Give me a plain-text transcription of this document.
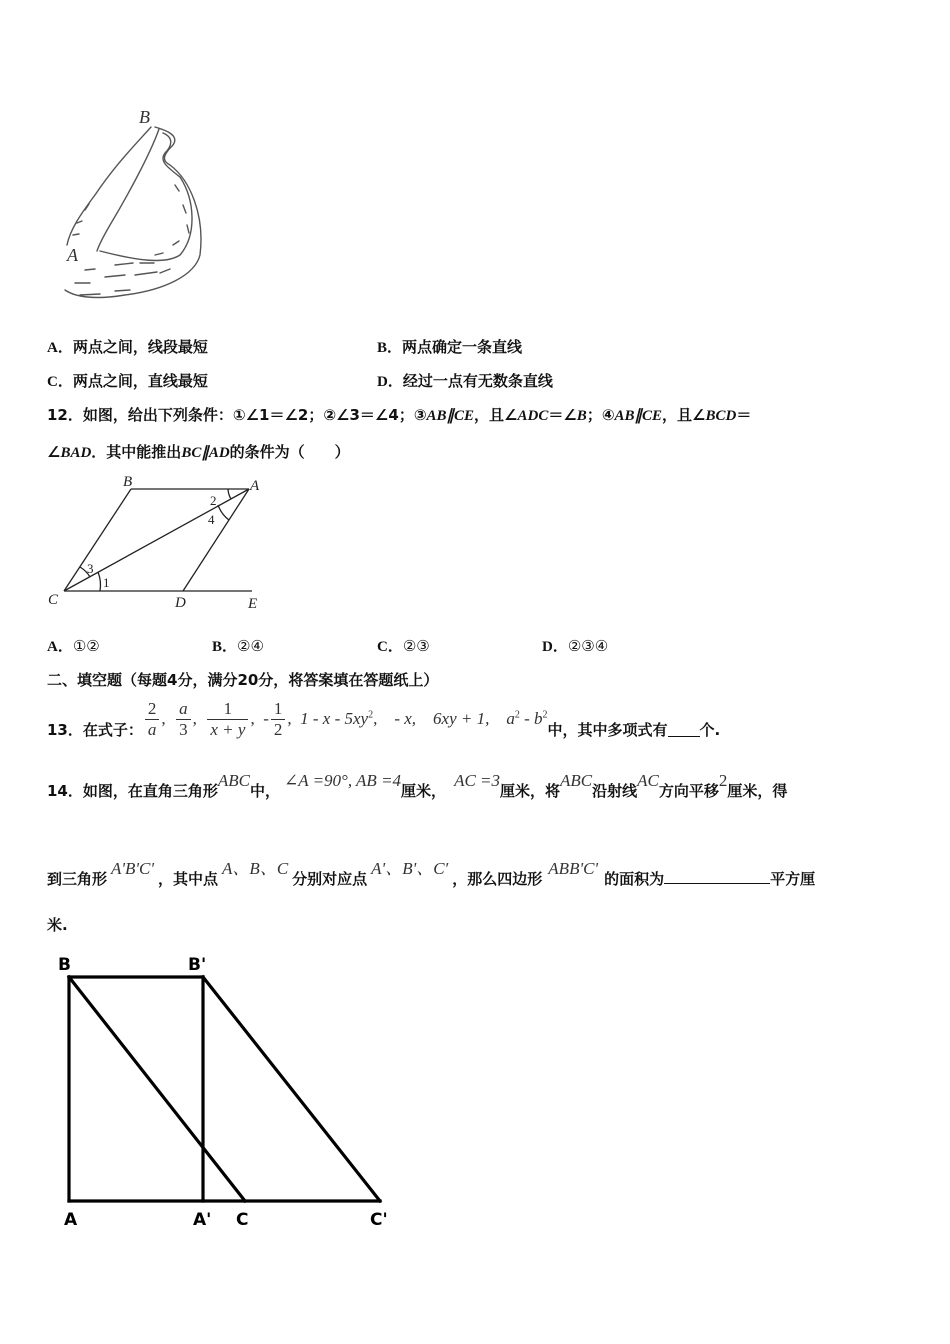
B
A
A．两点之间，线段最短	B．两点确定一条直线
C．两点之间，直线最短	D．经过一点有无数条直线
12．如图，给出下列条件：①∠1＝∠2；②∠3＝∠4；③AB∥CE，且∠ADC＝∠B；④AB∥CE，且∠BCD＝
∠BAD．其中能推出BC∥AD的条件为（　　）
B	A
C	D	E
1
2
3
4
A．①②	B．②④	C．②③	D．②③④
二、填空题（每题4分，满分20分，将答案填在答题纸上）
13．在式子： $\frac{2}{a}$ , $\frac{a}{3}$ , $\frac{1}{x + y}$ , - $\frac{1}{2}$ , 1 - x - $5xy^2$, - x,
6xy + 1,
$a^2 - b^2$
中，其中多项式有 个.
14．如图，在直角三角形ABC中，∠A =90°, AB =4厘米，AC =3厘米，将ABC沿射线AC方向平移2厘米，得
到三角形A'B'C'，其中点A、B、C分别对应点A'、B'、C′，那么四边形ABB'C'的面积为	平方厘
米.
B	B'
A	A' C	C'
